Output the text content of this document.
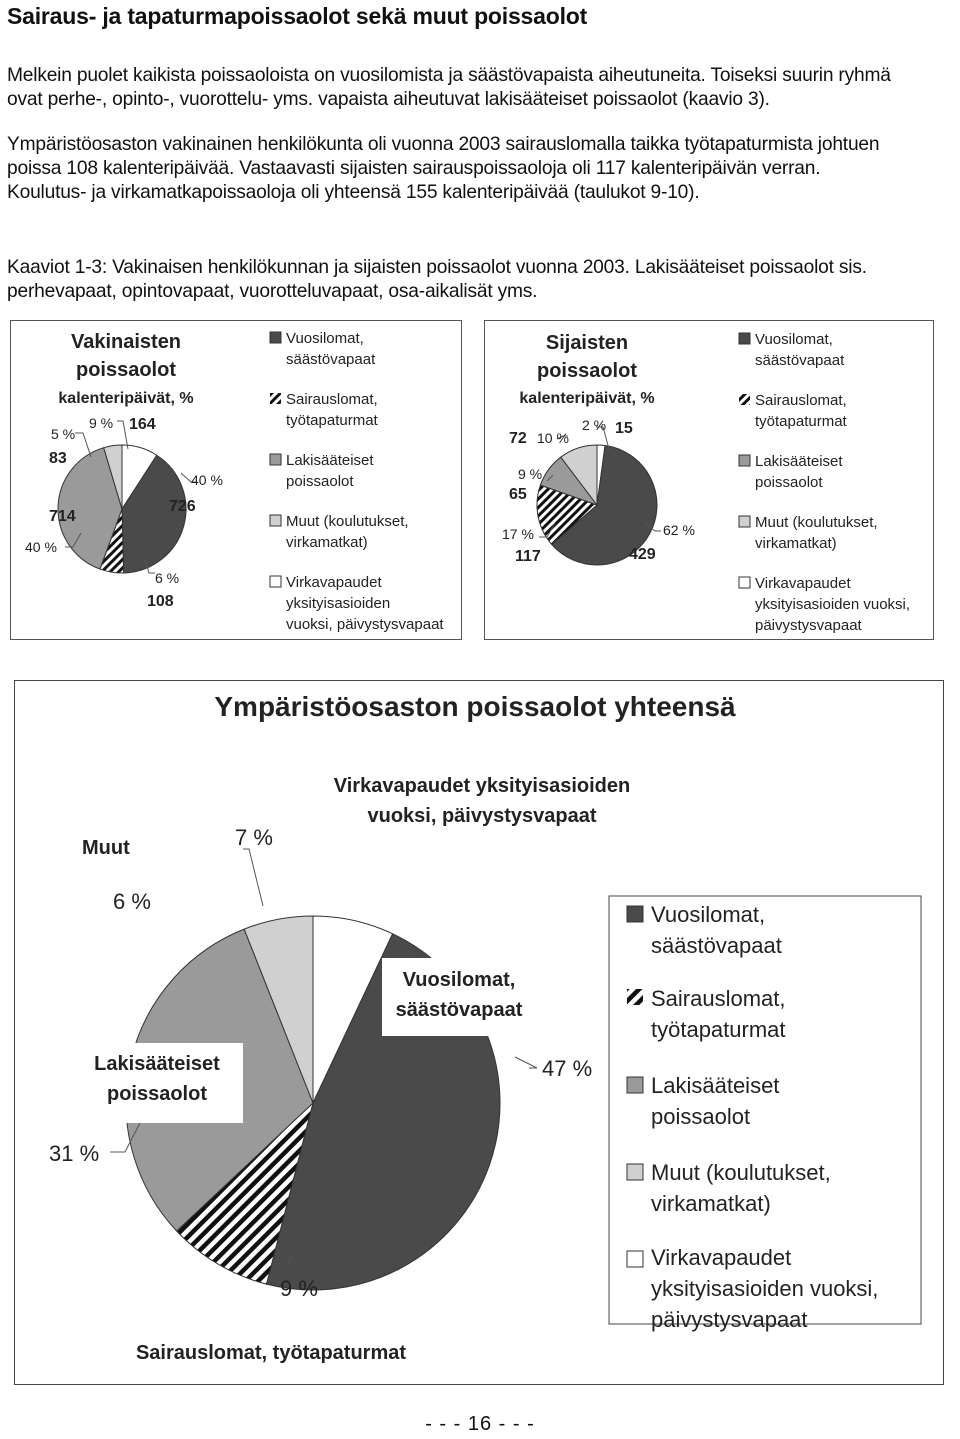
Sairaus- ja tapaturmapoissaolot sekä muut poissaolot

Melkein puolet kaikista poissaoloista on vuosilomista ja säästövapaista aiheutuneita. Toiseksi suurin ryhmä

ovat perhe-, opinto-, vuorottelu- yms. vapaista aiheutuvat lakisääteiset poissaolot (kaavio 3).

Ympäristöosaston vakinainen henkilökunta oli vuonna 2003 sairauslomalla taikka työtapaturmista johtuen

poissa 108 kalenteripäivää. Vastaavasti sijaisten sairauspoissaoloja oli 117 kalenteripäivän verran.

Koulutus- ja virkamatkapoissaoloja oli yhteensä 155 kalenteripäivää (taulukot 9-10).

Kaaviot 1-3: Vakinaisen henkilökunnan ja sijaisten poissaolot vuonna 2003. Lakisääteiset poissaolot sis.

perhevapaat, opintovapaat, vuorotteluvapaat, osa-aikalisät yms.

Vakinaisten
poissaolot
kalenteripäivät, %
40 %
714
5 %
83
9 % 164
40 %
726
6 %
108
Vuosilomat,
säästövapaat
Sairauslomat,
työtapaturmat
Lakisääteiset
poissaolot
Muut (koulutukset,
virkamatkat)
Virkavapaudet
yksityisasioiden
vuoksi, päivystysvapaat
Sijaisten
poissaolot
kalenteripäivät, %
72 10 %
2 % 15
9 %
65
17 %
117
62 %
429
Vuosilomat,
säästövapaat
Sairauslomat,
työtapaturmat
Lakisääteiset
poissaolot
Muut (koulutukset,
virkamatkat)
Virkavapaudet
yksityisasioiden vuoksi,
päivystysvapaat
Ympäristöosaston poissaolot yhteensä
Vuosilomat,
säästövapaat
Lakisääteiset
poissaolot
47 %
31 %
9 %
Sairauslomat, työtapaturmat
6 %
Muut	7 %
Virkavapaudet yksityisasioiden
vuoksi, päivystysvapaat
Vuosilomat,
säästövapaat
Sairauslomat,
työtapaturmat
Lakisääteiset
poissaolot
Muut (koulutukset,
virkamatkat)
Virkavapaudet
yksityisasioiden vuoksi,
päivystysvapaat
- - - 16 - - -
